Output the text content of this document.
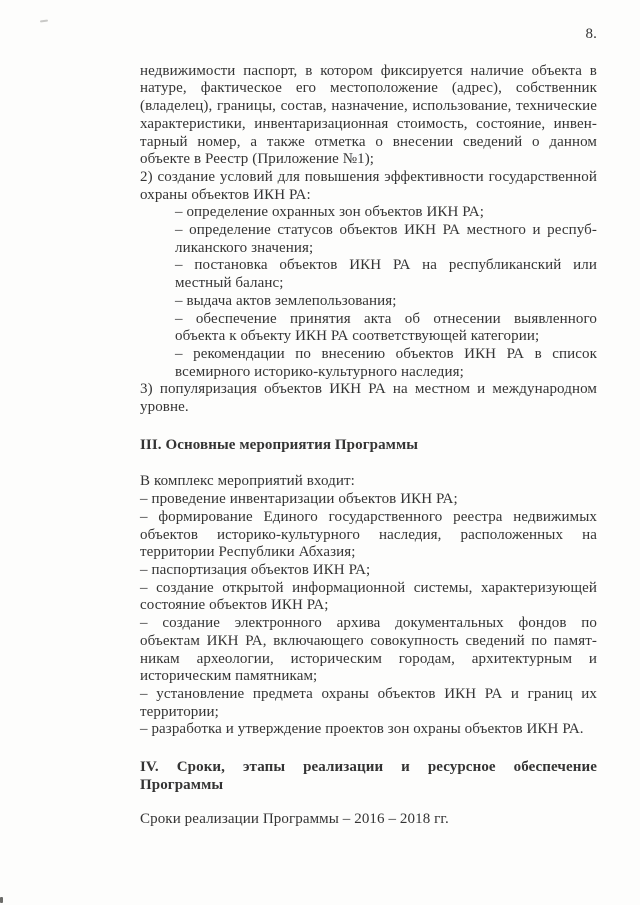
8.
недвижимости паспорт, в котором фиксируется наличие объекта в
натуре, фактическое его местоположение (адрес), собственник
(владелец), границы, состав, назначение, использование, технические
характеристики, инвентаризационная стоимость, состояние, инвен-
тарный номер, а также отметка о внесении сведений о данном
объекте в Реестр (Приложение №1);
2) создание условий для повышения эффективности государственной
охраны объектов ИКН РА:
– определение охранных зон объектов ИКН РА;
– определение статусов объектов ИКН РА местного и респуб-
ликанского значения;
– постановка объектов ИКН РА на республиканский или
местный баланс;
– выдача актов землепользования;
– обеспечение принятия акта об отнесении выявленного
объекта к объекту ИКН РА соответствующей категории;
– рекомендации по внесению объектов ИКН РА в список
всемирного историко-культурного наследия;
3) популяризация объектов ИКН РА на местном и международном
уровне.
III. Основные мероприятия Программы
В комплекс мероприятий входит:
– проведение инвентаризации объектов ИКН РА;
– формирование Единого государственного реестра недвижимых
объектов историко-культурного наследия, расположенных на
территории Республики Абхазия;
– паспортизация объектов ИКН РА;
– создание открытой информационной системы, характеризующей
состояние объектов ИКН РА;
– создание электронного архива документальных фондов по
объектам ИКН РА, включающего совокупность сведений по памят-
никам археологии, историческим городам, архитектурным и
историческим памятникам;
– установление предмета охраны объектов ИКН РА и границ их
территории;
– разработка и утверждение проектов зон охраны объектов ИКН РА.
IV. Сроки, этапы реализации и ресурсное обеспечение
Программы
Сроки реализации Программы – 2016 – 2018 гг.
